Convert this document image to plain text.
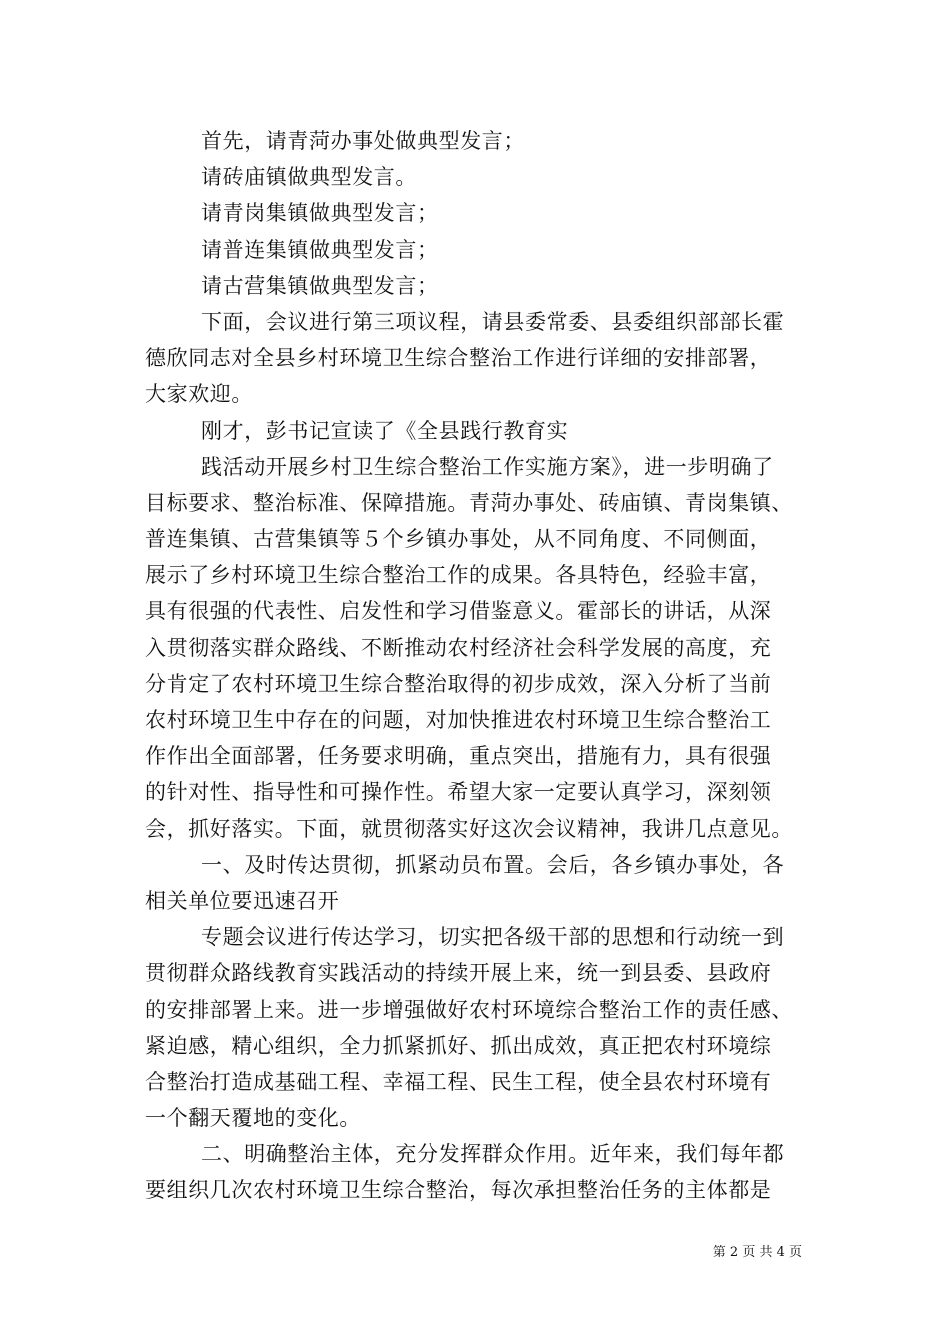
首先，请青菏办事处做典型发言；
请砖庙镇做典型发言。
请青岗集镇做典型发言；
请普连集镇做典型发言；
请古营集镇做典型发言；
下面，会议进行第三项议程，请县委常委、县委组织部部长霍
德欣同志对全县乡村环境卫生综合整治工作进行详细的安排部署，
大家欢迎。
刚才，彭书记宣读了《全县践行教育实
践活动开展乡村卫生综合整治工作实施方案》，进一步明确了
目标要求、整治标准、保障措施。青菏办事处、砖庙镇、青岗集镇、
普连集镇、古营集镇等５个乡镇办事处，从不同角度、不同侧面，
展示了乡村环境卫生综合整治工作的成果。各具特色，经验丰富，
具有很强的代表性、启发性和学习借鉴意义。霍部长的讲话，从深
入贯彻落实群众路线、不断推动农村经济社会科学发展的高度，充
分肯定了农村环境卫生综合整治取得的初步成效，深入分析了当前
农村环境卫生中存在的问题，对加快推进农村环境卫生综合整治工
作作出全面部署，任务要求明确，重点突出，措施有力，具有很强
的针对性、指导性和可操作性。希望大家一定要认真学习，深刻领
会，抓好落实。下面，就贯彻落实好这次会议精神，我讲几点意见。
一、及时传达贯彻，抓紧动员布置。会后，各乡镇办事处，各
相关单位要迅速召开
专题会议进行传达学习，切实把各级干部的思想和行动统一到
贯彻群众路线教育实践活动的持续开展上来，统一到县委、县政府
的安排部署上来。进一步增强做好农村环境综合整治工作的责任感、
紧迫感，精心组织，全力抓紧抓好、抓出成效，真正把农村环境综
合整治打造成基础工程、幸福工程、民生工程，使全县农村环境有
一个翻天覆地的变化。
二、明确整治主体，充分发挥群众作用。近年来，我们每年都
要组织几次农村环境卫生综合整治，每次承担整治任务的主体都是
第 2 页 共 4 页
